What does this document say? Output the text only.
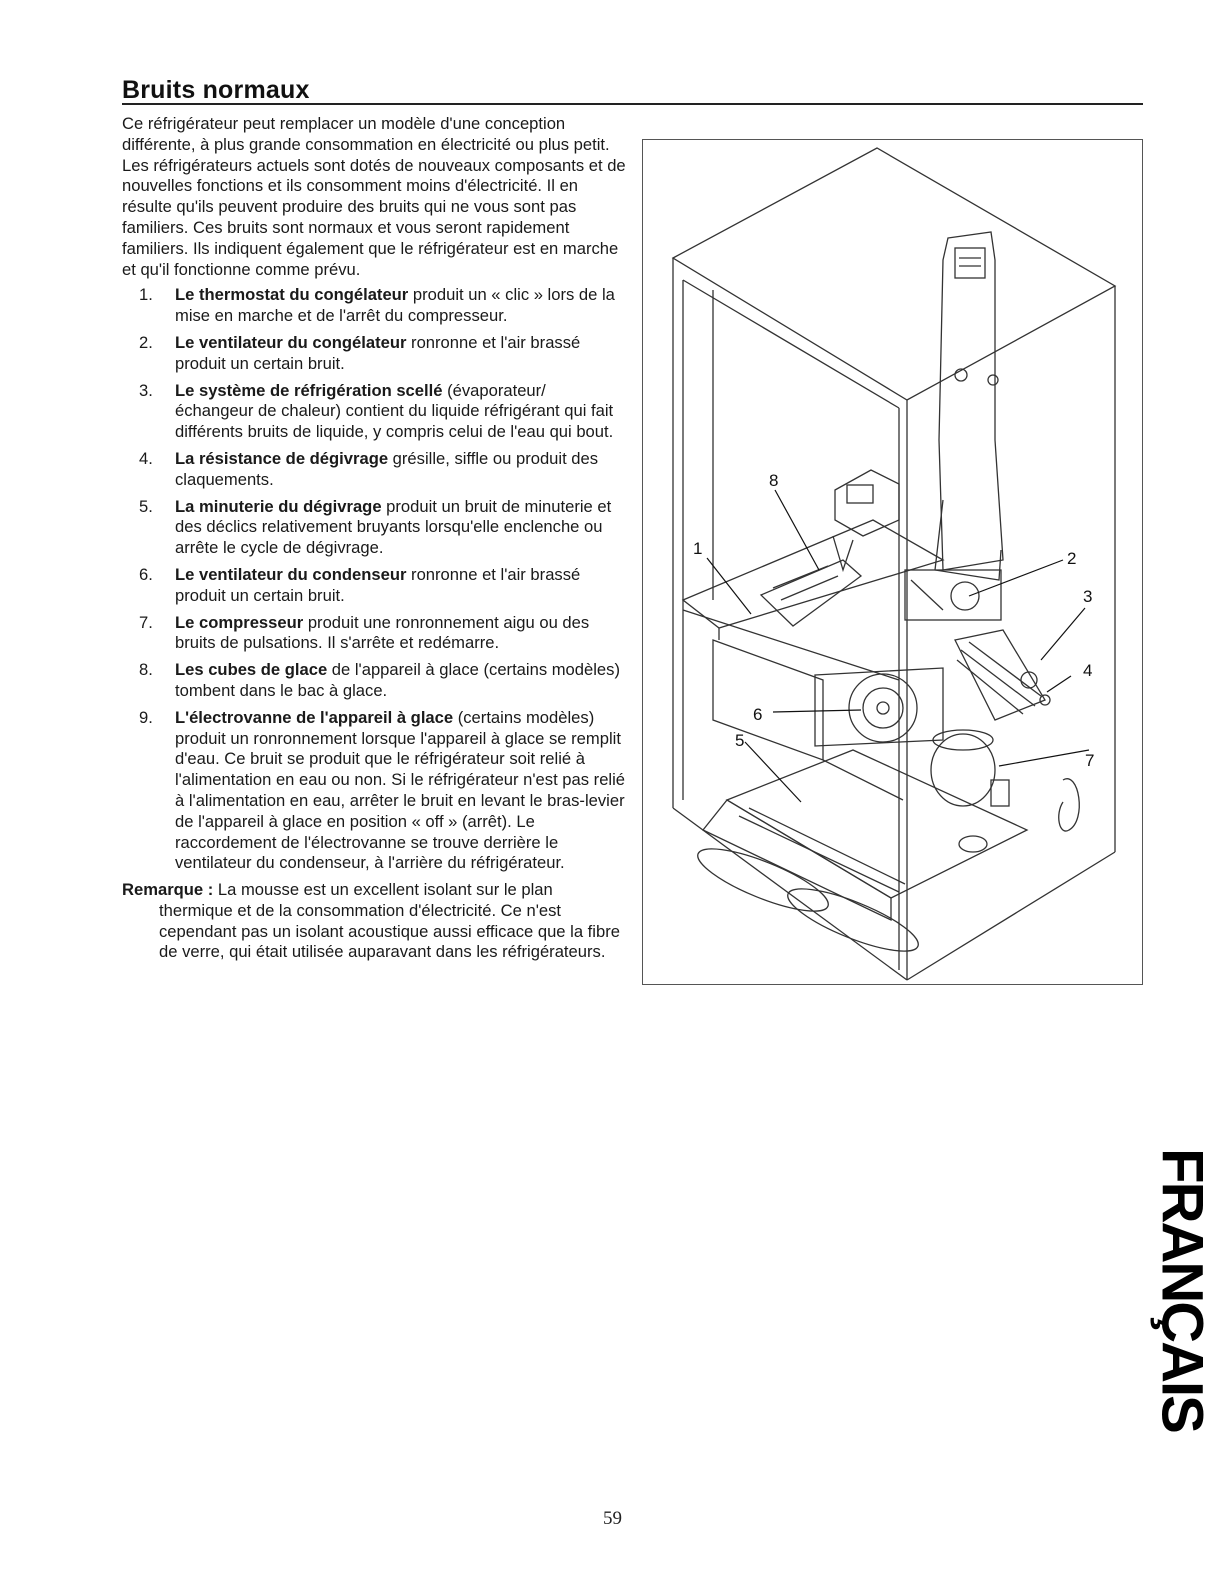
Bruits normaux

Ce réfrigérateur peut remplacer un modèle d'une conception différente, à plus grande consommation en électricité ou plus petit. Les réfrigérateurs actuels sont dotés de nouveaux composants et de nouvelles fonctions et ils consomment moins d'électricité. Il en résulte qu'ils peuvent produire des bruits qui ne vous sont pas familiers. Ces bruits sont normaux et vous seront rapidement familiers. Ils indiquent également que le réfrigérateur est en marche et qu'il fonctionne comme prévu.

1. Le thermostat du congélateur produit un « clic » lors de la mise en marche et de l'arrêt du compresseur.
2. Le ventilateur du congélateur ronronne et l'air brassé produit un certain bruit.
3. Le système de réfrigération scellé (évaporateur/ échangeur de chaleur) contient du liquide réfrigérant qui fait différents bruits de liquide, y compris celui de l'eau qui bout.
4. La résistance de dégivrage grésille, siffle ou produit des claquements.
5. La minuterie du dégivrage produit un bruit de minuterie et des déclics relativement bruyants lorsqu'elle enclenche ou arrête le cycle de dégivrage.
6. Le ventilateur du condenseur ronronne et l'air brassé produit un certain bruit.
7. Le compresseur produit une ronronnement aigu ou des bruits de pulsations. Il s'arrête et redémarre.
8. Les cubes de glace de l'appareil à glace (certains modèles) tombent dans le bac à glace.
9. L'électrovanne de l'appareil à glace (certains modèles) produit un ronronnement lorsque l'appareil à glace se remplit d'eau. Ce bruit se produit que le réfrigérateur soit relié à l'alimentation en eau ou non. Si le réfrigérateur n'est pas relié à l'alimentation en eau, arrêter le bruit en levant le bras-levier de l'appareil à glace en position « off » (arrêt). Le raccordement de l'électrovanne se trouve derrière le ventilateur du condenseur, à l'arrière du réfrigérateur.

Remarque : La mousse est un excellent isolant sur le plan thermique et de la consommation d'électricité. Ce n'est cependant pas un isolant acoustique aussi efficace que la fibre de verre, qui était utilisée auparavant dans les réfrigérateurs.

1
2
3
4
5
6
7
8
FRANÇAIS
59
